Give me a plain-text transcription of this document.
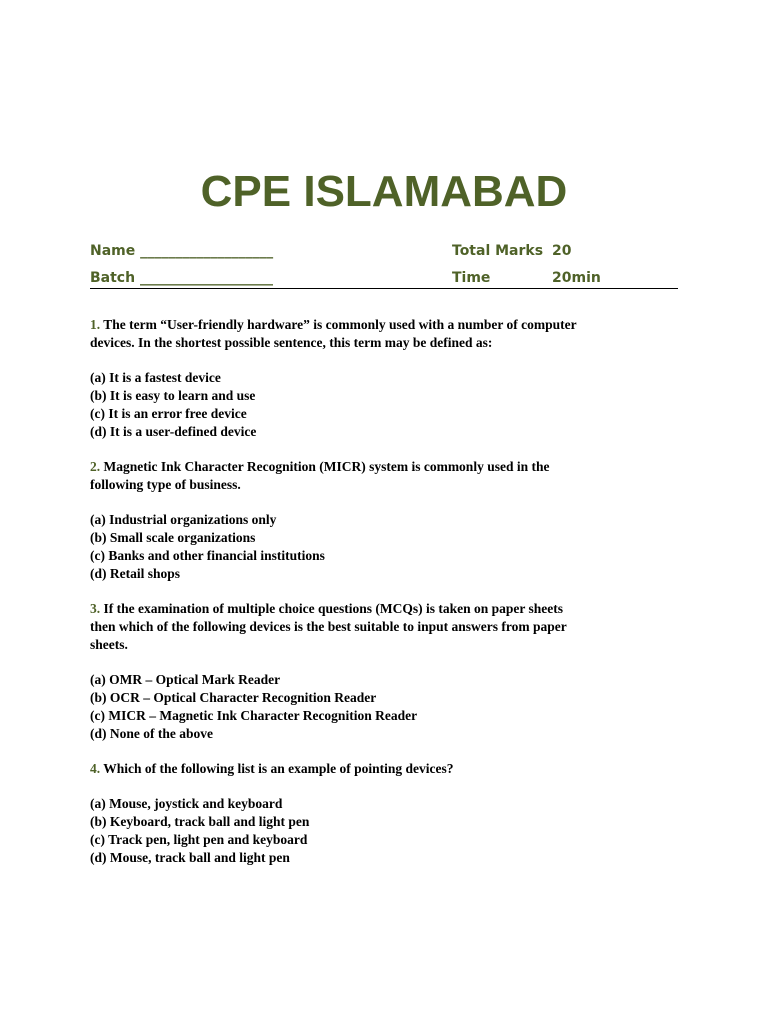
CPE ISLAMABAD
Name ___________________	Total Marks 20
Batch ___________________	Time	20min

1. The term “User-friendly hardware” is commonly used with a number of computer devices. In the shortest possible sentence, this term may be defined as:

(a) It is a fastest device
(b) It is easy to learn and use
(c) It is an error free device
(d) It is a user-defined device

2. Magnetic Ink Character Recognition (MICR) system is commonly used in the following type of business.

(a) Industrial organizations only
(b) Small scale organizations
(c) Banks and other financial institutions
(d) Retail shops

3. If the examination of multiple choice questions (MCQs) is taken on paper sheets then which of the following devices is the best suitable to input answers from paper sheets.

(a) OMR – Optical Mark Reader
(b) OCR – Optical Character Recognition Reader
(c) MICR – Magnetic Ink Character Recognition Reader
(d) None of the above

4. Which of the following list is an example of pointing devices?

(a) Mouse, joystick and keyboard
(b) Keyboard, track ball and light pen
(c) Track pen, light pen and keyboard
(d) Mouse, track ball and light pen
